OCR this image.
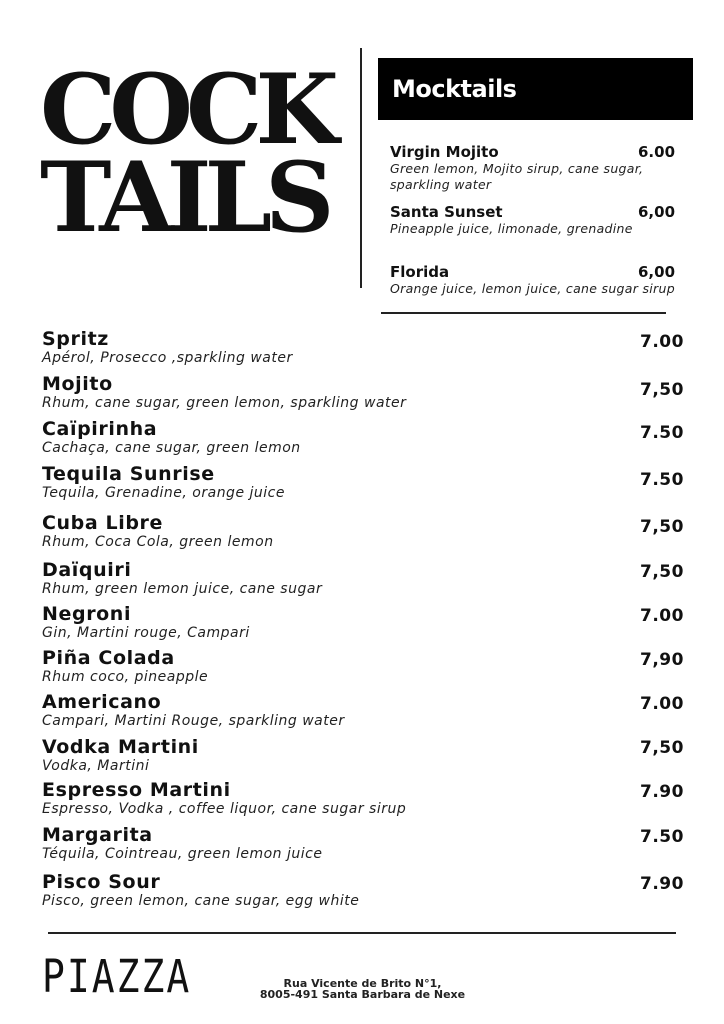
COCK
TAILS
Mocktails
Virgin Mojito	6.00
Green lemon, Mojito sirup, cane sugar,
sparkling water
Santa Sunset	6,00
Pineapple juice, limonade, grenadine
Florida	6,00
Orange juice, lemon juice, cane sugar sirup
Spritz
Apérol, Prosecco ,sparkling water
7.00
Mojito
Rhum, cane sugar, green lemon, sparkling water
7,50
Caïpirinha
Cachaça, cane sugar, green lemon
7.50
Tequila Sunrise
Tequila, Grenadine, orange juice
7.50
Cuba Libre
Rhum, Coca Cola, green lemon
7,50
Daïquiri
Rhum, green lemon juice, cane sugar
7,50
Negroni
Gin, Martini rouge, Campari
7.00
Piña Colada
Rhum coco, pineapple
7,90
Americano
Campari, Martini Rouge, sparkling water
7.00
Vodka Martini
Vodka, Martini
7,50
Espresso Martini
Espresso, Vodka , coffee liquor, cane sugar sirup
7.90
Margarita
Téquila, Cointreau, green lemon juice
7.50
Pisco Sour
Pisco, green lemon, cane sugar, egg white
7.90
PIAZZA	Rua Vicente de Brito N°1,
8005-491 Santa Barbara de Nexe
